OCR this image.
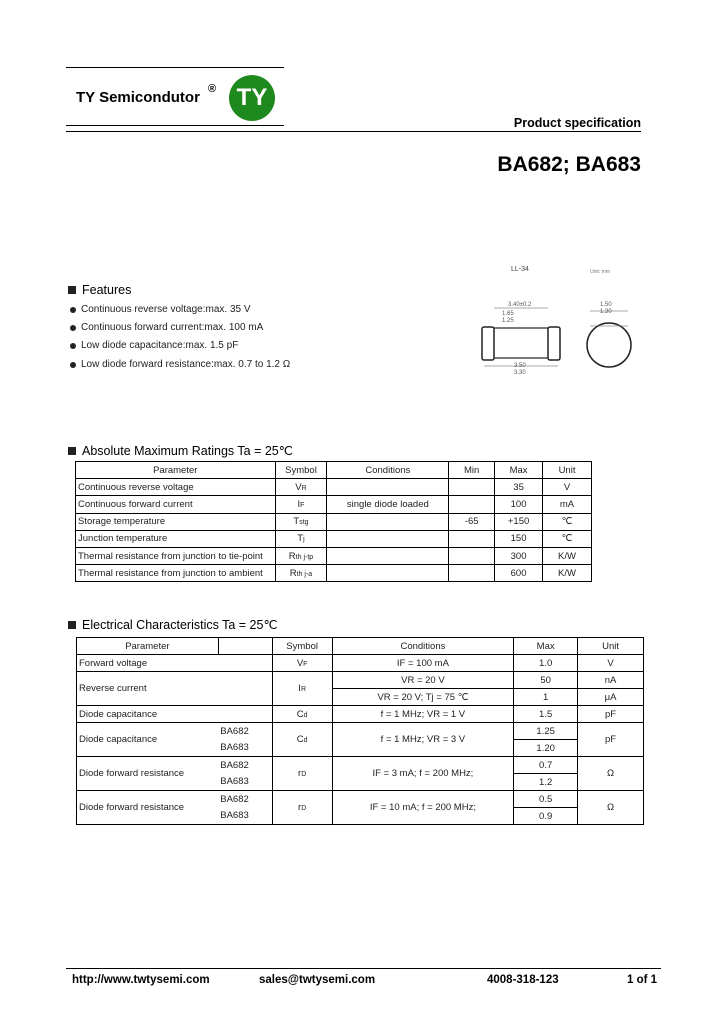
TY Semicondutor ® TY
Product specification
BA682; BA683
LL-34	Unit: mm
3.40±0.2
1.65
1.25
3.50
3.30
1.50
1.30
Features
Continuous reverse voltage:max. 35 V
Continuous forward current:max. 100 mA
Low diode capacitance:max. 1.5 pF
Low diode forward resistance:max. 0.7 to 1.2 Ω
Absolute Maximum Ratings Ta = 25℃
Parameter	Symbol	Conditions	Min	Max	Unit
Continuous reverse voltage	VR			35	V
Continuous forward current	IF	single diode loaded		100	mA
Storage temperature	Tstg		-65	+150	℃
Junction temperature	Tj			150	℃
Thermal resistance from junction to tie-point	Rth j-tp			300	K/W
Thermal resistance from junction to ambient	Rth j-a			600	K/W
Electrical Characteristics Ta = 25℃
Parameter		Symbol	Conditions	Max	Unit
Forward voltage		VF	IF = 100 mA	1.0	V
Reverse current		IR	VR = 20 V	50	nA
			VR = 20 V; Tj = 75 ℃	1	μA
Diode capacitance		Cd	f = 1 MHz; VR = 1 V	1.5	pF
Diode capacitance	BA682	Cd	f = 1 MHz; VR = 3 V	1.25	pF
	BA683			1.20	
Diode forward resistance	BA682	rD	IF = 3 mA; f = 200 MHz;	0.7	Ω
	BA683			1.2	
Diode forward resistance	BA682	rD	IF = 10 mA; f = 200 MHz;	0.5	Ω
	BA683			0.9	
http://www.twtysemi.com	sales@twtysemi.com	4008-318-123	1 of 1
